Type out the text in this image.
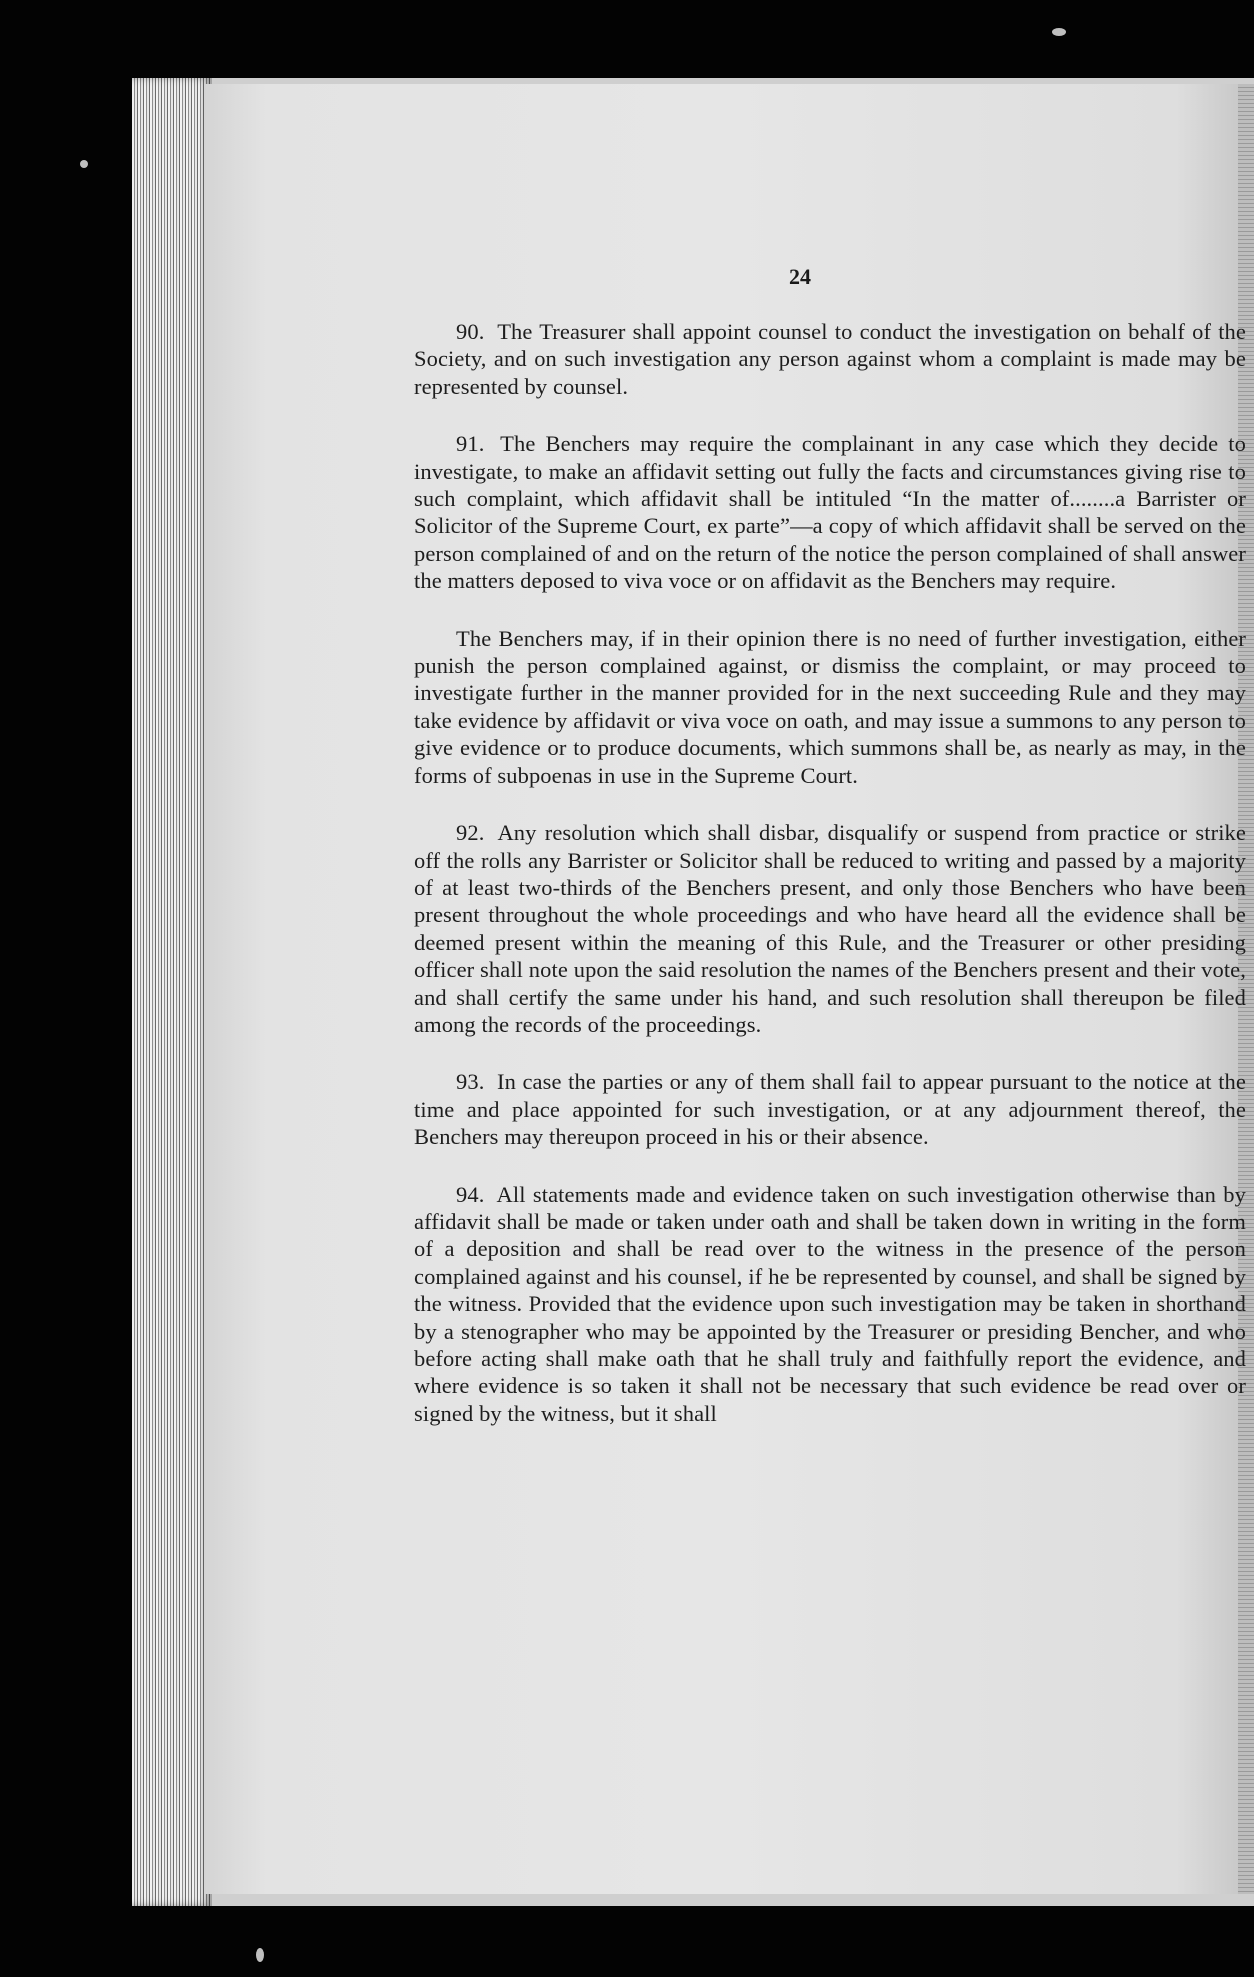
24

90. The Treasurer shall appoint counsel to conduct the investigation on behalf of the Society, and on such investigation any person against whom a complaint is made may be represented by counsel.

91. The Benchers may require the complainant in any case which they decide to investigate, to make an affidavit setting out fully the facts and circumstances giving rise to such complaint, which affidavit shall be intituled “In the matter of........a Barrister or Solicitor of the Supreme Court, ex parte”—a copy of which affidavit shall be served on the person complained of and on the return of the notice the person complained of shall answer the matters deposed to viva voce or on affidavit as the Benchers may require.

The Benchers may, if in their opinion there is no need of further investigation, either punish the person complained against, or dismiss the complaint, or may proceed to investigate further in the manner provided for in the next succeeding Rule and they may take evidence by affidavit or viva voce on oath, and may issue a summons to any person to give evidence or to produce documents, which summons shall be, as nearly as may, in the forms of subpoenas in use in the Supreme Court.

92. Any resolution which shall disbar, disqualify or suspend from practice or strike off the rolls any Barrister or Solicitor shall be reduced to writing and passed by a majority of at least two-thirds of the Benchers present, and only those Benchers who have been present throughout the whole proceedings and who have heard all the evidence shall be deemed present within the meaning of this Rule, and the Treasurer or other presiding officer shall note upon the said resolution the names of the Benchers present and their vote, and shall certify the same under his hand, and such resolution shall thereupon be filed among the records of the proceedings.

93. In case the parties or any of them shall fail to appear pursuant to the notice at the time and place appointed for such investigation, or at any adjournment thereof, the Benchers may thereupon proceed in his or their absence.

94. All statements made and evidence taken on such investigation otherwise than by affidavit shall be made or taken under oath and shall be taken down in writing in the form of a deposition and shall be read over to the witness in the presence of the person complained against and his counsel, if he be represented by counsel, and shall be signed by the witness. Provided that the evidence upon such investigation may be taken in shorthand by a stenographer who may be appointed by the Treasurer or presiding Bencher, and who before acting shall make oath that he shall truly and faithfully report the evidence, and where evidence is so taken it shall not be necessary that such evidence be read over or signed by the witness, but it shall
